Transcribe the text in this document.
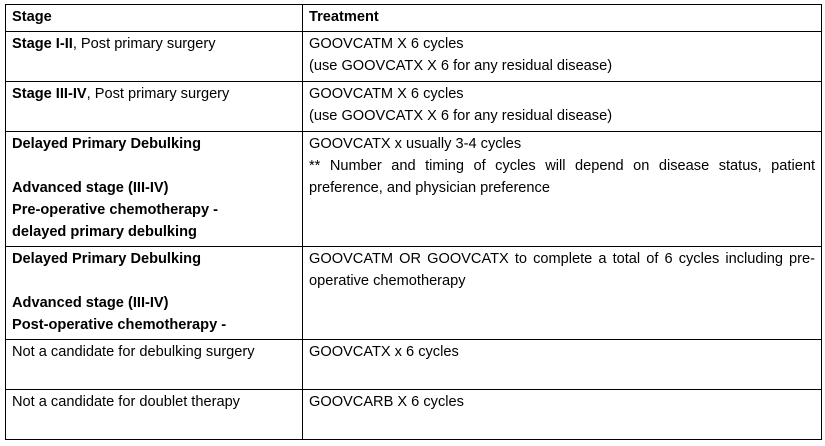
Stage	Treatment

Stage I-II, Post primary surgery	GOOVCATM X 6 cycles
(use GOOVCATX X 6 for any residual disease)

Stage III-IV, Post primary surgery	GOOVCATM X 6 cycles
(use GOOVCATX X 6 for any residual disease)

Delayed Primary Debulking
Advanced stage (III-IV)
Pre-operative chemotherapy -
delayed primary debulking	GOOVCATX x usually 3-4 cycles
** Number and timing of cycles will depend on disease status, patient preference, and physician preference

Delayed Primary Debulking
Advanced stage (III-IV)
Post-operative chemotherapy -	GOOVCATM OR GOOVCATX to complete a total of 6 cycles including pre-operative chemotherapy

Not a candidate for debulking surgery	GOOVCATX x 6 cycles

Not a candidate for doublet therapy	GOOVCARB X 6 cycles
